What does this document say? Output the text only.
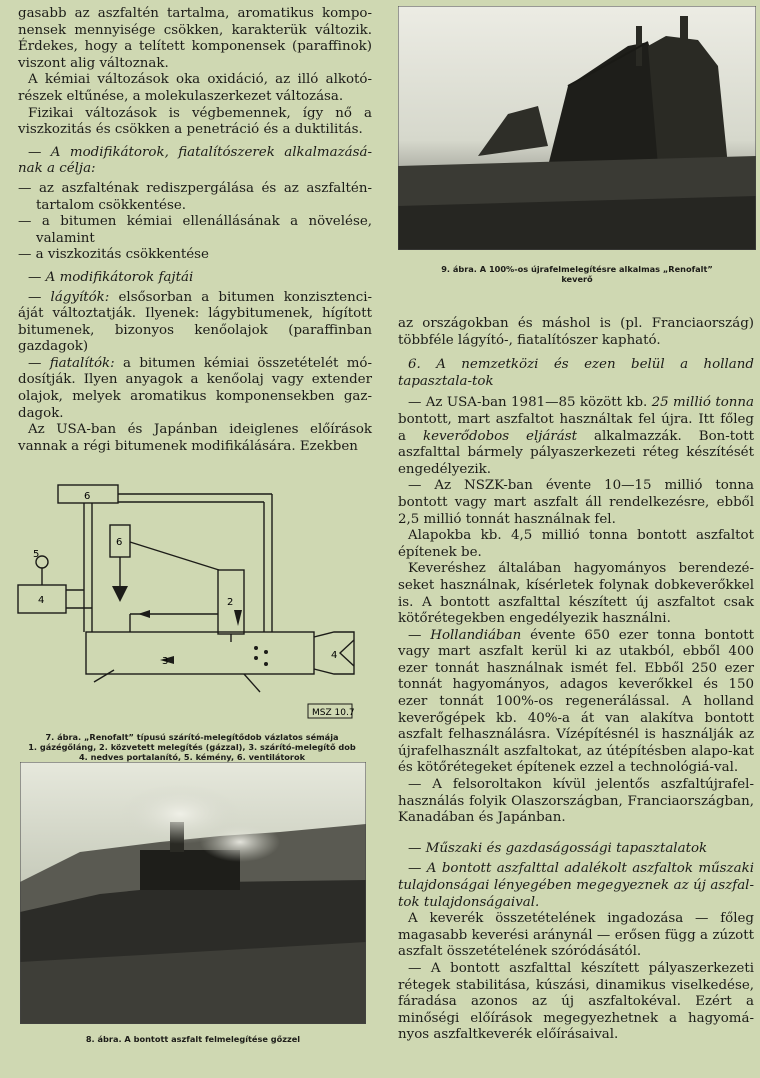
gasabb az aszfaltén tartalma, aromatikus kompo-nensek mennyisége csökken, karakterük változik. Érdekes, hogy a telített komponensek (paraffinok) viszont alig változnak.

A kémiai változások oka oxidáció, az illó alkotó-részek eltűnése, a molekulaszerkezet változása.

Fizikai változások is végbemennek, így nő a viszkozitás és csökken a penetráció és a duktilitás.

— A modifikátorok, fiatalítószerek alkalmazásá-nak a célja:

— az aszfalténak rediszpergálása és az aszfaltén-tartalom csökkentése.

— a bitumen kémiai ellenállásának a növelése, valamint

— a viszkozitás csökkentése

— A modifikátorok fajtái

— lágyítók: elsősorban a bitumen konzisztenci-áját változtatják. Ilyenek: lágybitumenek, hígított bitumenek, bizonyos kenőolajok (paraffinban gazdagok)

— fiatalítók: a bitumen kémiai összetételét mó-dosítják. Ilyen anyagok a kenőolaj vagy extender olajok, melyek aromatikus komponensekben gaz-dagok.

Az USA-ban és Japánban ideiglenes előírások vannak a régi bitumenek modifikálására. Ezekben

6
6
5
4	2
3
4
MSZ 10.7

7. ábra. „Renofalt” típusú szárító-melegítődob vázlatos sémája

1. gázégőláng, 2. közvetett melegítés (gázzal), 3. szárító-melegítő dob

4. nedves portalanító, 5. kémény, 6. ventilátorok

8. ábra. A bontott aszfalt felmelegítése gőzzel

9. ábra. A 100%-os újrafelmelegítésre alkalmas „Renofalt”

keverő

az országokban és máshol is (pl. Franciaország) többféle lágyító-, fiatalítószer kapható.

6. A nemzetközi és ezen belül a holland tapasztala-tok

— Az USA-ban 1981—85 között kb. 25 millió tonna bontott, mart aszfaltot használtak fel újra. Itt főleg a keverődobos eljárást alkalmazzák. Bon-tott aszfalttal bármely pályaszerkezeti réteg készítését engedélyezik.

— Az NSZK-ban évente 10—15 millió tonna bontott vagy mart aszfalt áll rendelkezésre, ebből 2,5 millió tonnát használnak fel.

Alapokba kb. 4,5 millió tonna bontott aszfaltot építenek be.

Keveréshez általában hagyományos berendezé-seket használnak, kísérletek folynak dobkeverőkkel is. A bontott aszfalttal készített új aszfaltot csak kötőrétegekben engedélyezik használni.

— Hollandiában évente 650 ezer tonna bontott vagy mart aszfalt kerül ki az utakból, ebből 400 ezer tonnát használnak ismét fel. Ebből 250 ezer tonnát hagyományos, adagos keverőkkel és 150 ezer tonnát 100%-os regenerálással. A holland keverőgépek kb. 40%-a át van alakítva bontott aszfalt felhasználásra. Vízépítésnél is használják az újrafelhasznált aszfaltokat, az útépítésben alapo-kat és kötőrétegeket építenek ezzel a technológiá-val.

— A felsoroltakon kívül jelentős aszfaltújrafel-használás folyik Olaszországban, Franciaországban, Kanadában és Japánban.

— Műszaki és gazdaságossági tapasztalatok

— A bontott aszfalttal adalékolt aszfaltok műszaki tulajdonságai lényegében megegyeznek az új aszfal-tok tulajdonságaival.

A keverék összetételének ingadozása — főleg magasabb keverési aránynál — erősen függ a zúzott aszfalt összetételének szóródásától.

— A bontott aszfalttal készített pályaszerkezeti rétegek stabilitása, kúszási, dinamikus viselkedése, fáradása azonos az új aszfaltokéval. Ezért a minőségi előírások megegyezhetnek a hagyomá-nyos aszfaltkeverék előírásaival.
